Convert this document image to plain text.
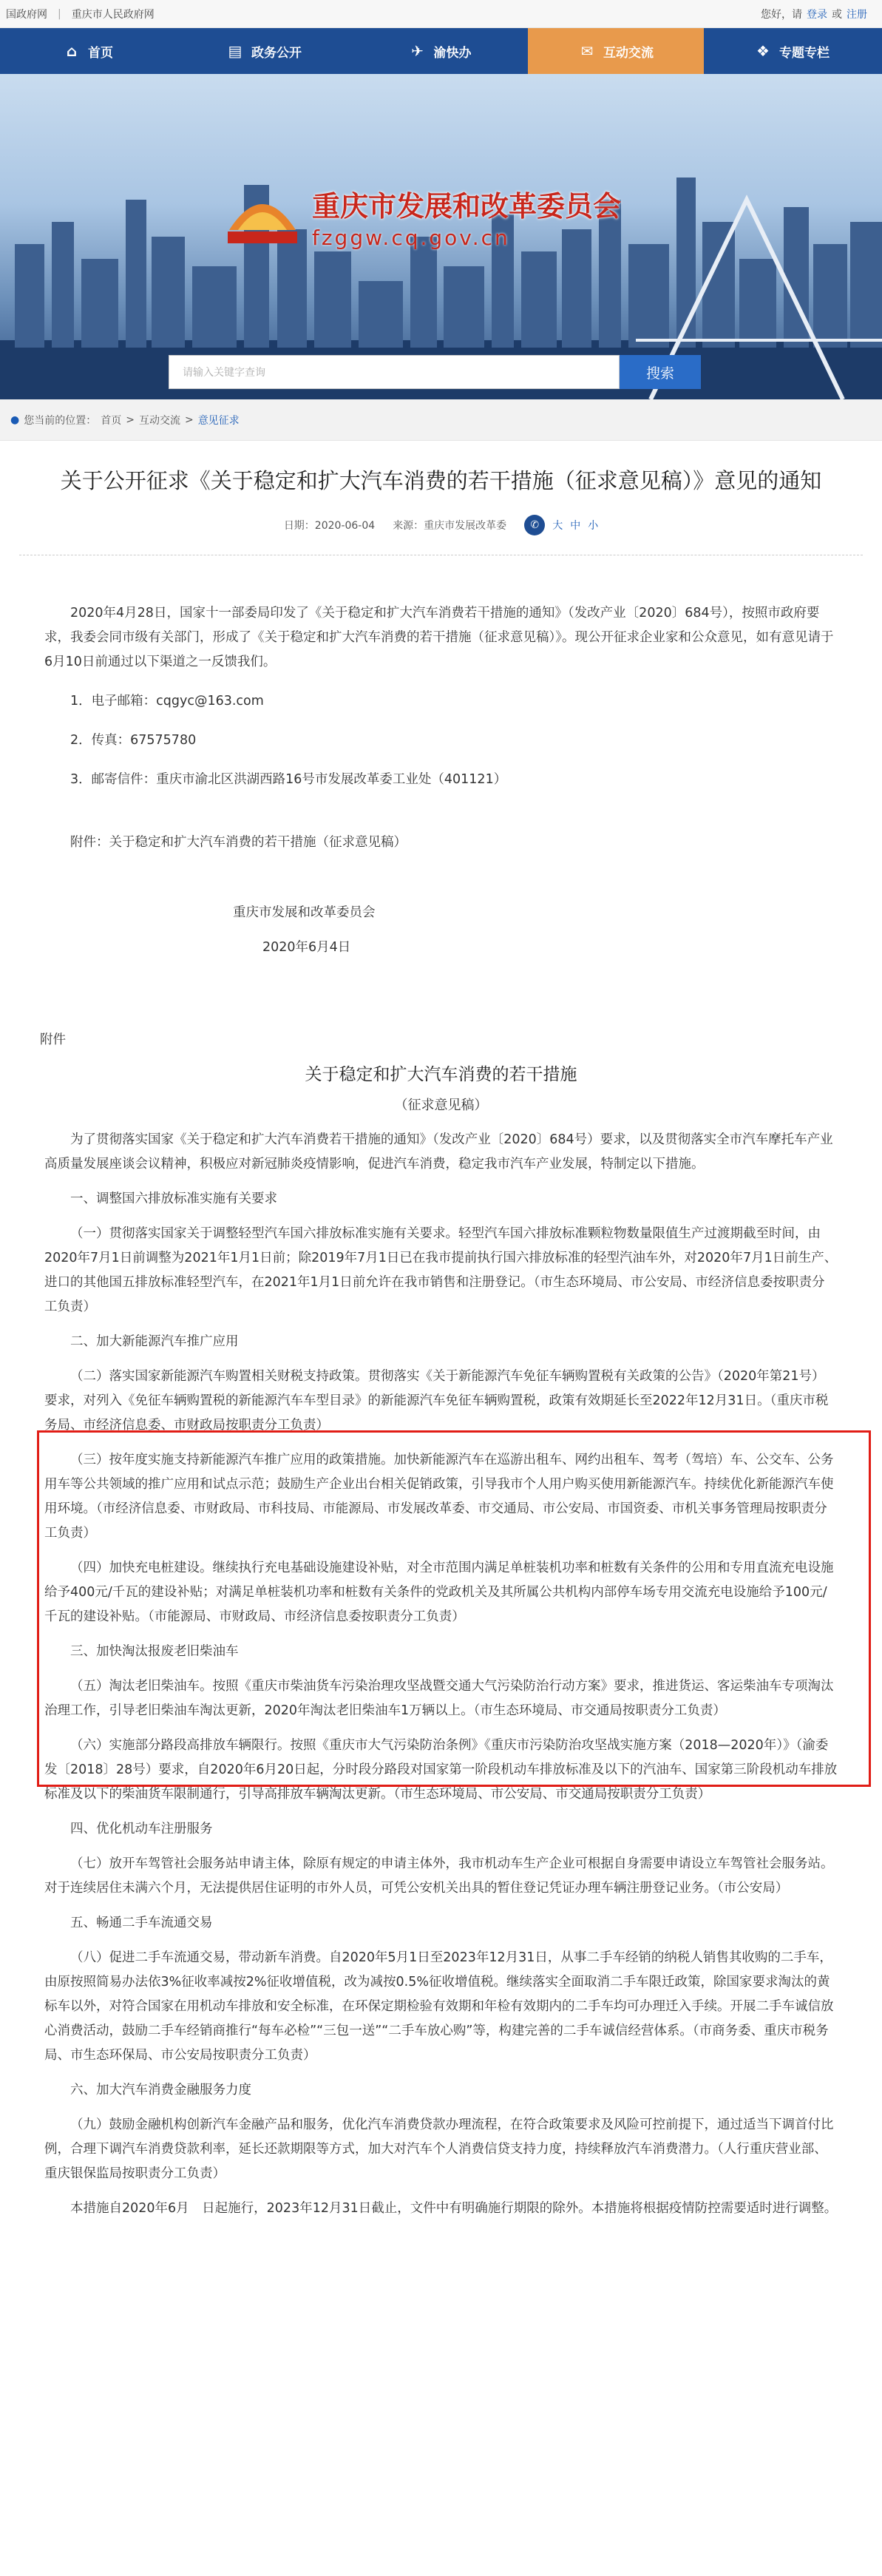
国政府网 | 重庆市人民政府网	您好，请 登录 或 注册
⌂ 首页	▤ 政务公开	✈ 渝快办	✉ 互动交流	❖ 专题专栏
重庆市发展和改革委员会
fzggw.cq.gov.cn
请输入关键字查询	搜索
● 您当前的位置： 首页 > 互动交流 > 意见征求
关于公开征求《关于稳定和扩大汽车消费的若干措施（征求意见稿）》意见的通知
日期：2020-06-04 来源：重庆市发展改革委	✆	大 中 小

2020年4月28日，国家十一部委局印发了《关于稳定和扩大汽车消费若干措施的通知》（发改产业〔2020〕684号），按照市政府要求，我委会同市级有关部门，形成了《关于稳定和扩大汽车消费的若干措施（征求意见稿）》。现公开征求企业家和公众意见，如有意见请于6月10日前通过以下渠道之一反馈我们。

1．电子邮箱：cqgyc@163.com

2．传真：67575780

3．邮寄信件：重庆市渝北区洪湖西路16号市发展改革委工业处（401121）

附件：关于稳定和扩大汽车消费的若干措施（征求意见稿）

重庆市发展和改革委员会

2020年6月4日

附件

关于稳定和扩大汽车消费的若干措施
（征求意见稿）

为了贯彻落实国家《关于稳定和扩大汽车消费若干措施的通知》（发改产业〔2020〕684号）要求，以及贯彻落实全市汽车摩托车产业高质量发展座谈会议精神，积极应对新冠肺炎疫情影响，促进汽车消费，稳定我市汽车产业发展，特制定以下措施。

一、调整国六排放标准实施有关要求

（一）贯彻落实国家关于调整轻型汽车国六排放标准实施有关要求。轻型汽车国六排放标准颗粒物数量限值生产过渡期截至时间，由2020年7月1日前调整为2021年1月1日前；除2019年7月1日已在我市提前执行国六排放标准的轻型汽油车外，对2020年7月1日前生产、进口的其他国五排放标准轻型汽车，在2021年1月1日前允许在我市销售和注册登记。（市生态环境局、市公安局、市经济信息委按职责分工负责）

二、加大新能源汽车推广应用

（二）落实国家新能源汽车购置相关财税支持政策。贯彻落实《关于新能源汽车免征车辆购置税有关政策的公告》（2020年第21号）要求，对列入《免征车辆购置税的新能源汽车车型目录》的新能源汽车免征车辆购置税，政策有效期延长至2022年12月31日。（重庆市税务局、市经济信息委、市财政局按职责分工负责）

（三）按年度实施支持新能源汽车推广应用的政策措施。加快新能源汽车在巡游出租车、网约出租车、驾考（驾培）车、公交车、公务用车等公共领域的推广应用和试点示范；鼓励生产企业出台相关促销政策，引导我市个人用户购买使用新能源汽车。持续优化新能源汽车使用环境。（市经济信息委、市财政局、市科技局、市能源局、市发展改革委、市交通局、市公安局、市国资委、市机关事务管理局按职责分工负责）

（四）加快充电桩建设。继续执行充电基础设施建设补贴，对全市范围内满足单桩装机功率和桩数有关条件的公用和专用直流充电设施给予400元/千瓦的建设补贴；对满足单桩装机功率和桩数有关条件的党政机关及其所属公共机构内部停车场专用交流充电设施给予100元/千瓦的建设补贴。（市能源局、市财政局、市经济信息委按职责分工负责）

三、加快淘汰报废老旧柴油车

（五）淘汰老旧柴油车。按照《重庆市柴油货车污染治理攻坚战暨交通大气污染防治行动方案》要求，推进货运、客运柴油车专项淘汰治理工作，引导老旧柴油车淘汰更新，2020年淘汰老旧柴油车1万辆以上。（市生态环境局、市交通局按职责分工负责）

（六）实施部分路段高排放车辆限行。按照《重庆市大气污染防治条例》《重庆市污染防治攻坚战实施方案（2018—2020年）》（渝委发〔2018〕28号）要求，自2020年6月20日起，分时段分路段对国家第一阶段机动车排放标准及以下的汽油车、国家第三阶段机动车排放标准及以下的柴油货车限制通行，引导高排放车辆淘汰更新。（市生态环境局、市公安局、市交通局按职责分工负责）

四、优化机动车注册服务

（七）放开车驾管社会服务站申请主体，除原有规定的申请主体外，我市机动车生产企业可根据自身需要申请设立车驾管社会服务站。对于连续居住未满六个月，无法提供居住证明的市外人员，可凭公安机关出具的暂住登记凭证办理车辆注册登记业务。（市公安局）

五、畅通二手车流通交易

（八）促进二手车流通交易，带动新车消费。自2020年5月1日至2023年12月31日，从事二手车经销的纳税人销售其收购的二手车，由原按照简易办法依3%征收率减按2%征收增值税，改为减按0.5%征收增值税。继续落实全面取消二手车限迁政策，除国家要求淘汰的黄标车以外，对符合国家在用机动车排放和安全标准，在环保定期检验有效期和年检有效期内的二手车均可办理迁入手续。开展二手车诚信放心消费活动，鼓励二手车经销商推行“每车必检”“三包一送”“二手车放心购”等，构建完善的二手车诚信经营体系。（市商务委、重庆市税务局、市生态环保局、市公安局按职责分工负责）

六、加大汽车消费金融服务力度

（九）鼓励金融机构创新汽车金融产品和服务，优化汽车消费贷款办理流程，在符合政策要求及风险可控前提下，通过适当下调首付比例，合理下调汽车消费贷款利率，延长还款期限等方式，加大对汽车个人消费信贷支持力度，持续释放汽车消费潜力。（人行重庆营业部、重庆银保监局按职责分工负责）

本措施自2020年6月　日起施行，2023年12月31日截止，文件中有明确施行期限的除外。本措施将根据疫情防控需要适时进行调整。
